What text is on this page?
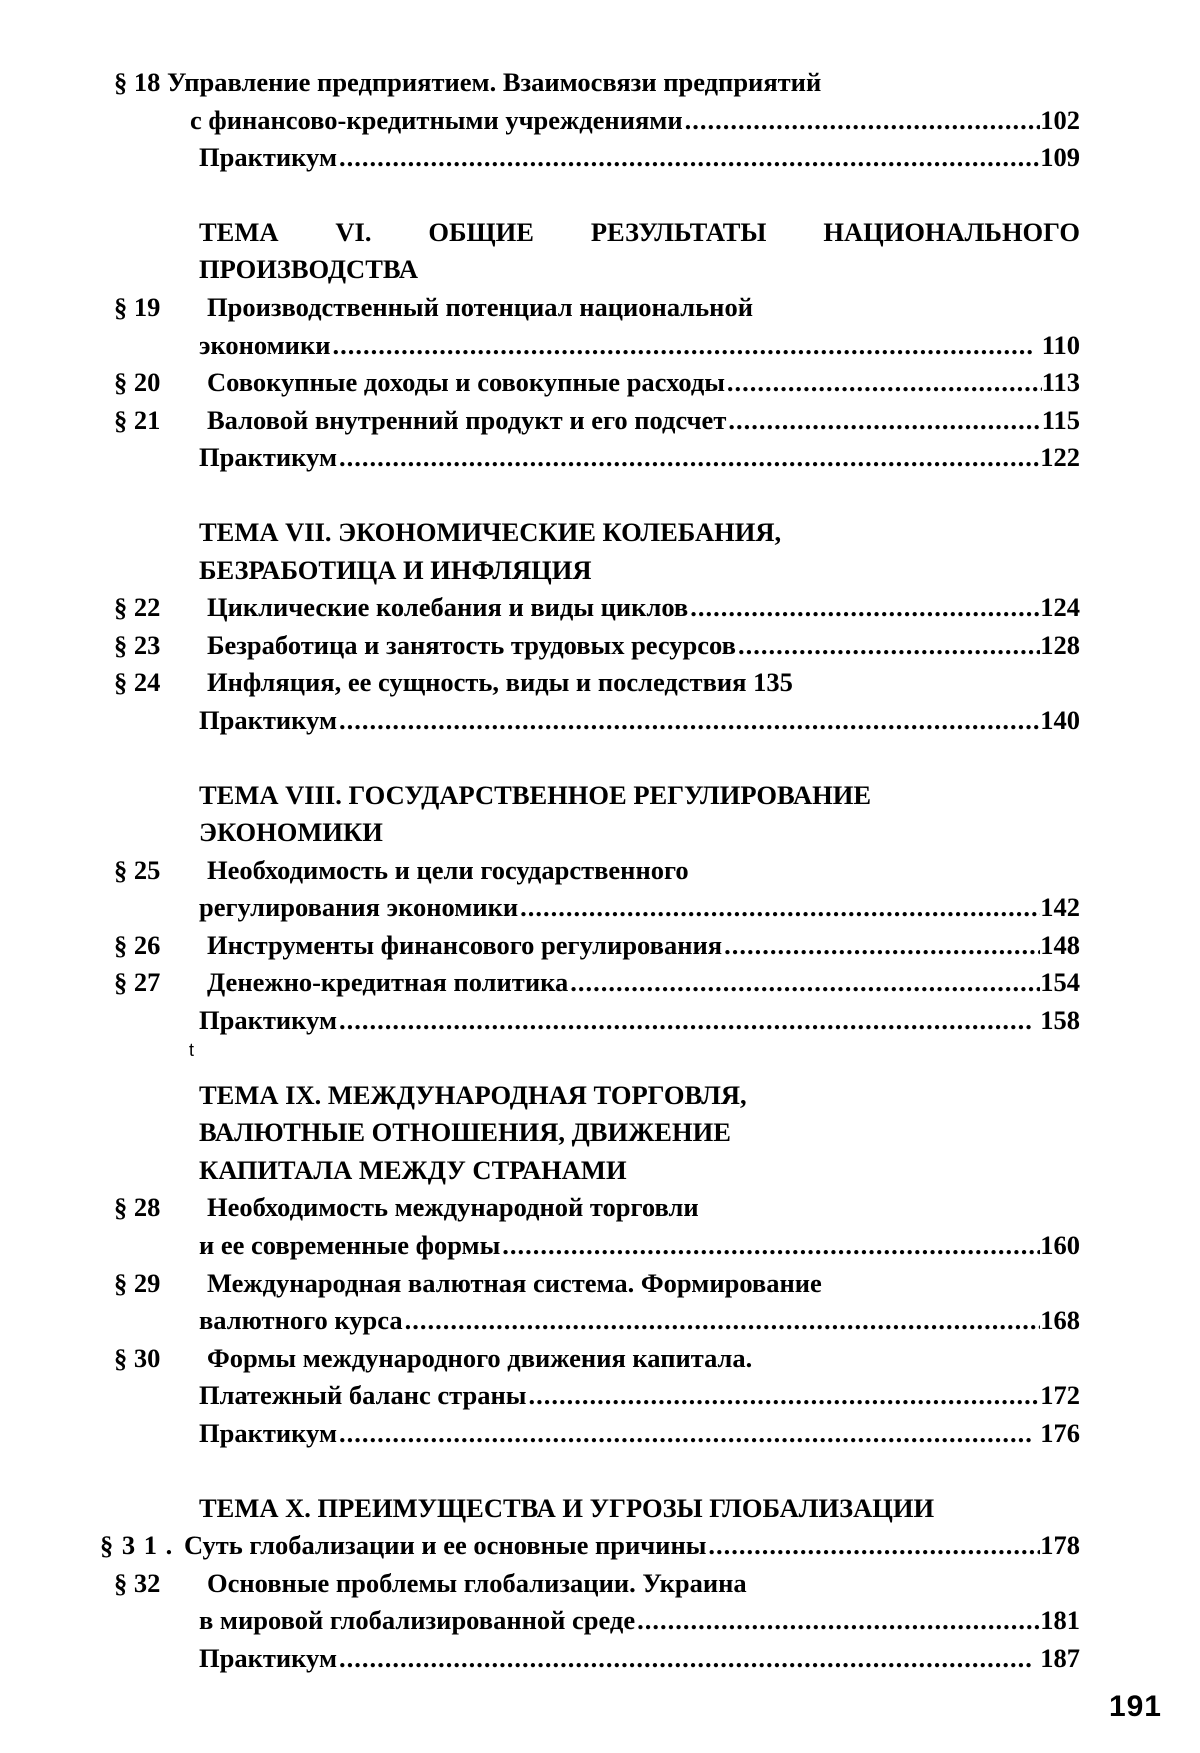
§ 18 Управление предприятием. Взаимосвязи предприятий
с финансово-кредитными учреждениями .....	102
Практикум .....	109
ТЕМА VI. ОБЩИЕ РЕЗУЛЬТАТЫ НАЦИОНАЛЬНОГО
ПРОИЗВОДСТВА
§ 19 Производственный потенциал национальной
экономики .....	110
§ 20 Совокупные доходы и совокупные расходы .....	113
§ 21 Валовой внутренний продукт и его подсчет .....	115
Практикум .....	122
ТЕМА VII. ЭКОНОМИЧЕСКИЕ КОЛЕБАНИЯ,
БЕЗРАБОТИЦА И ИНФЛЯЦИЯ
§ 22 Циклические колебания и виды циклов .....	124
§ 23 Безработица и занятость трудовых ресурсов .....	128
§ 24 Инфляция, ее сущность, виды и последствия 135
Практикум .....	140
ТЕМА VIII. ГОСУДАРСТВЕННОЕ РЕГУЛИРОВАНИЕ
ЭКОНОМИКИ
§ 25 Необходимость и цели государственного
регулирования экономики .....	142
§ 26 Инструменты финансового регулирования .....	148
§ 27 Денежно-кредитная политика .....	154
Практикум .....	158
ТЕМА IX. МЕЖДУНАРОДНАЯ ТОРГОВЛЯ,
ВАЛЮТНЫЕ ОТНОШЕНИЯ, ДВИЖЕНИЕ
КАПИТАЛА МЕЖДУ СТРАНАМИ
§ 28 Необходимость международной торговли
и ее современные формы .....	160
§ 29 Международная валютная система. Формирование
валютного курса .....	168
§ 30 Формы международного движения капитала.
Платежный баланс страны .....	172
Практикум .....	176
ТЕМА X. ПРЕИМУЩЕСТВА И УГРОЗЫ ГЛОБАЛИЗАЦИИ
§ 3 1 . Суть глобализации и ее основные причины .....	178
§ 32 Основные проблемы глобализации. Украина
в мировой глобализированной среде .....	181
Практикум .....	187
t
191
